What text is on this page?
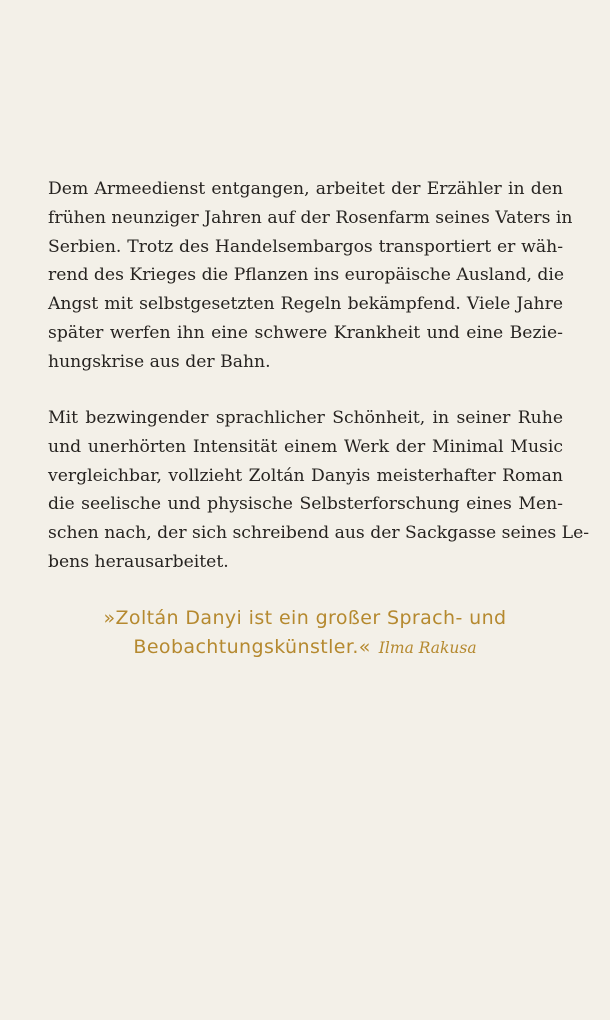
Dem Armeedienst entgangen, arbeitet der Erzähler in den
frühen neunziger Jahren auf der Rosenfarm seines Vaters in
Serbien. Trotz des Handelsembargos transportiert er wäh-
rend des Krieges die Pflanzen ins europäische Ausland, die
Angst mit selbstgesetzten Regeln bekämpfend. Viele Jahre
später werfen ihn eine schwere Krankheit und eine Bezie-
hungskrise aus der Bahn.
Mit bezwingender sprachlicher Schönheit, in seiner Ruhe
und unerhörten Intensität einem Werk der Minimal Music
vergleichbar, vollzieht Zoltán Danyis meisterhafter Roman
die seelische und physische Selbsterforschung eines Men-
schen nach, der sich schreibend aus der Sackgasse seines Le-
bens herausarbeitet.
»Zoltán Danyi ist ein großer Sprach- und
Beobachtungskünstler.« Ilma Rakusa
